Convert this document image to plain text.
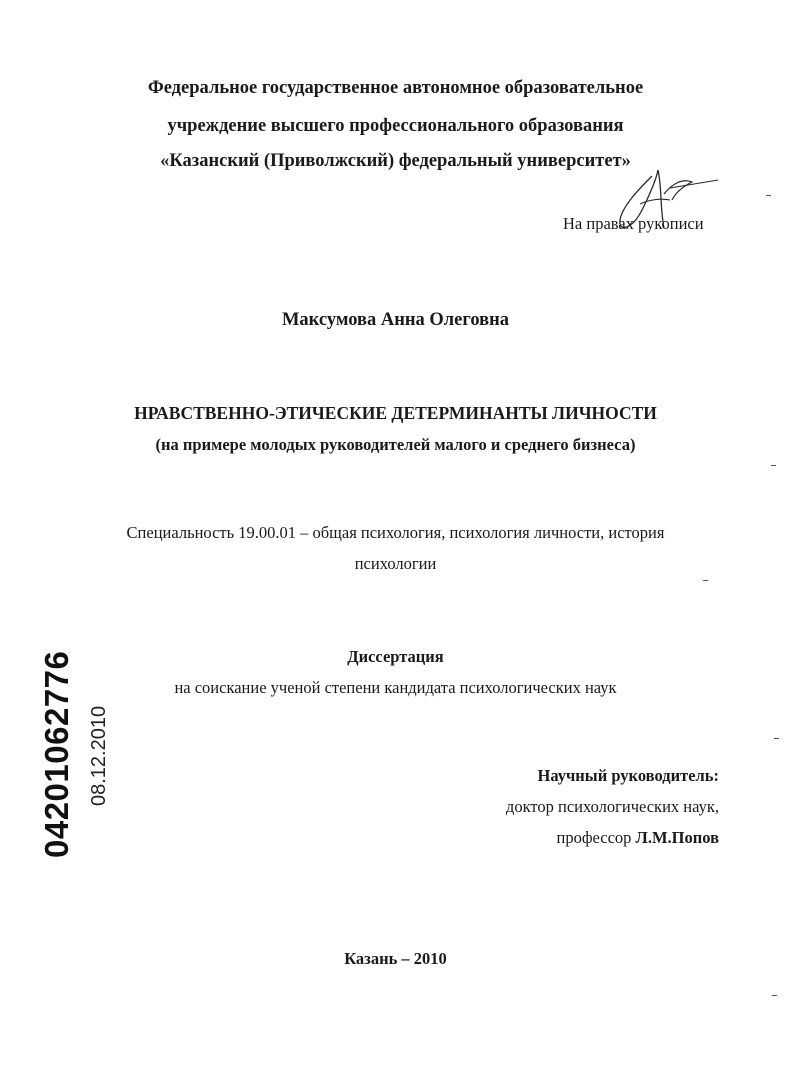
Федеральное государственное автономное образовательное
учреждение высшего профессионального образования
«Казанский (Приволжский) федеральный университет»
На правах рукописи
Максумова Анна Олеговна
НРАВСТВЕННО-ЭТИЧЕСКИЕ ДЕТЕРМИНАНТЫ ЛИЧНОСТИ
(на примере молодых руководителей малого и среднего бизнеса)
Специальность 19.00.01 – общая психология, психология личности, история
психологии
Диссертация
на соискание ученой степени кандидата психологических наук
Научный руководитель:
доктор психологических наук,
профессор Л.М.Попов
Казань – 2010
04201062776 08.12.2010
